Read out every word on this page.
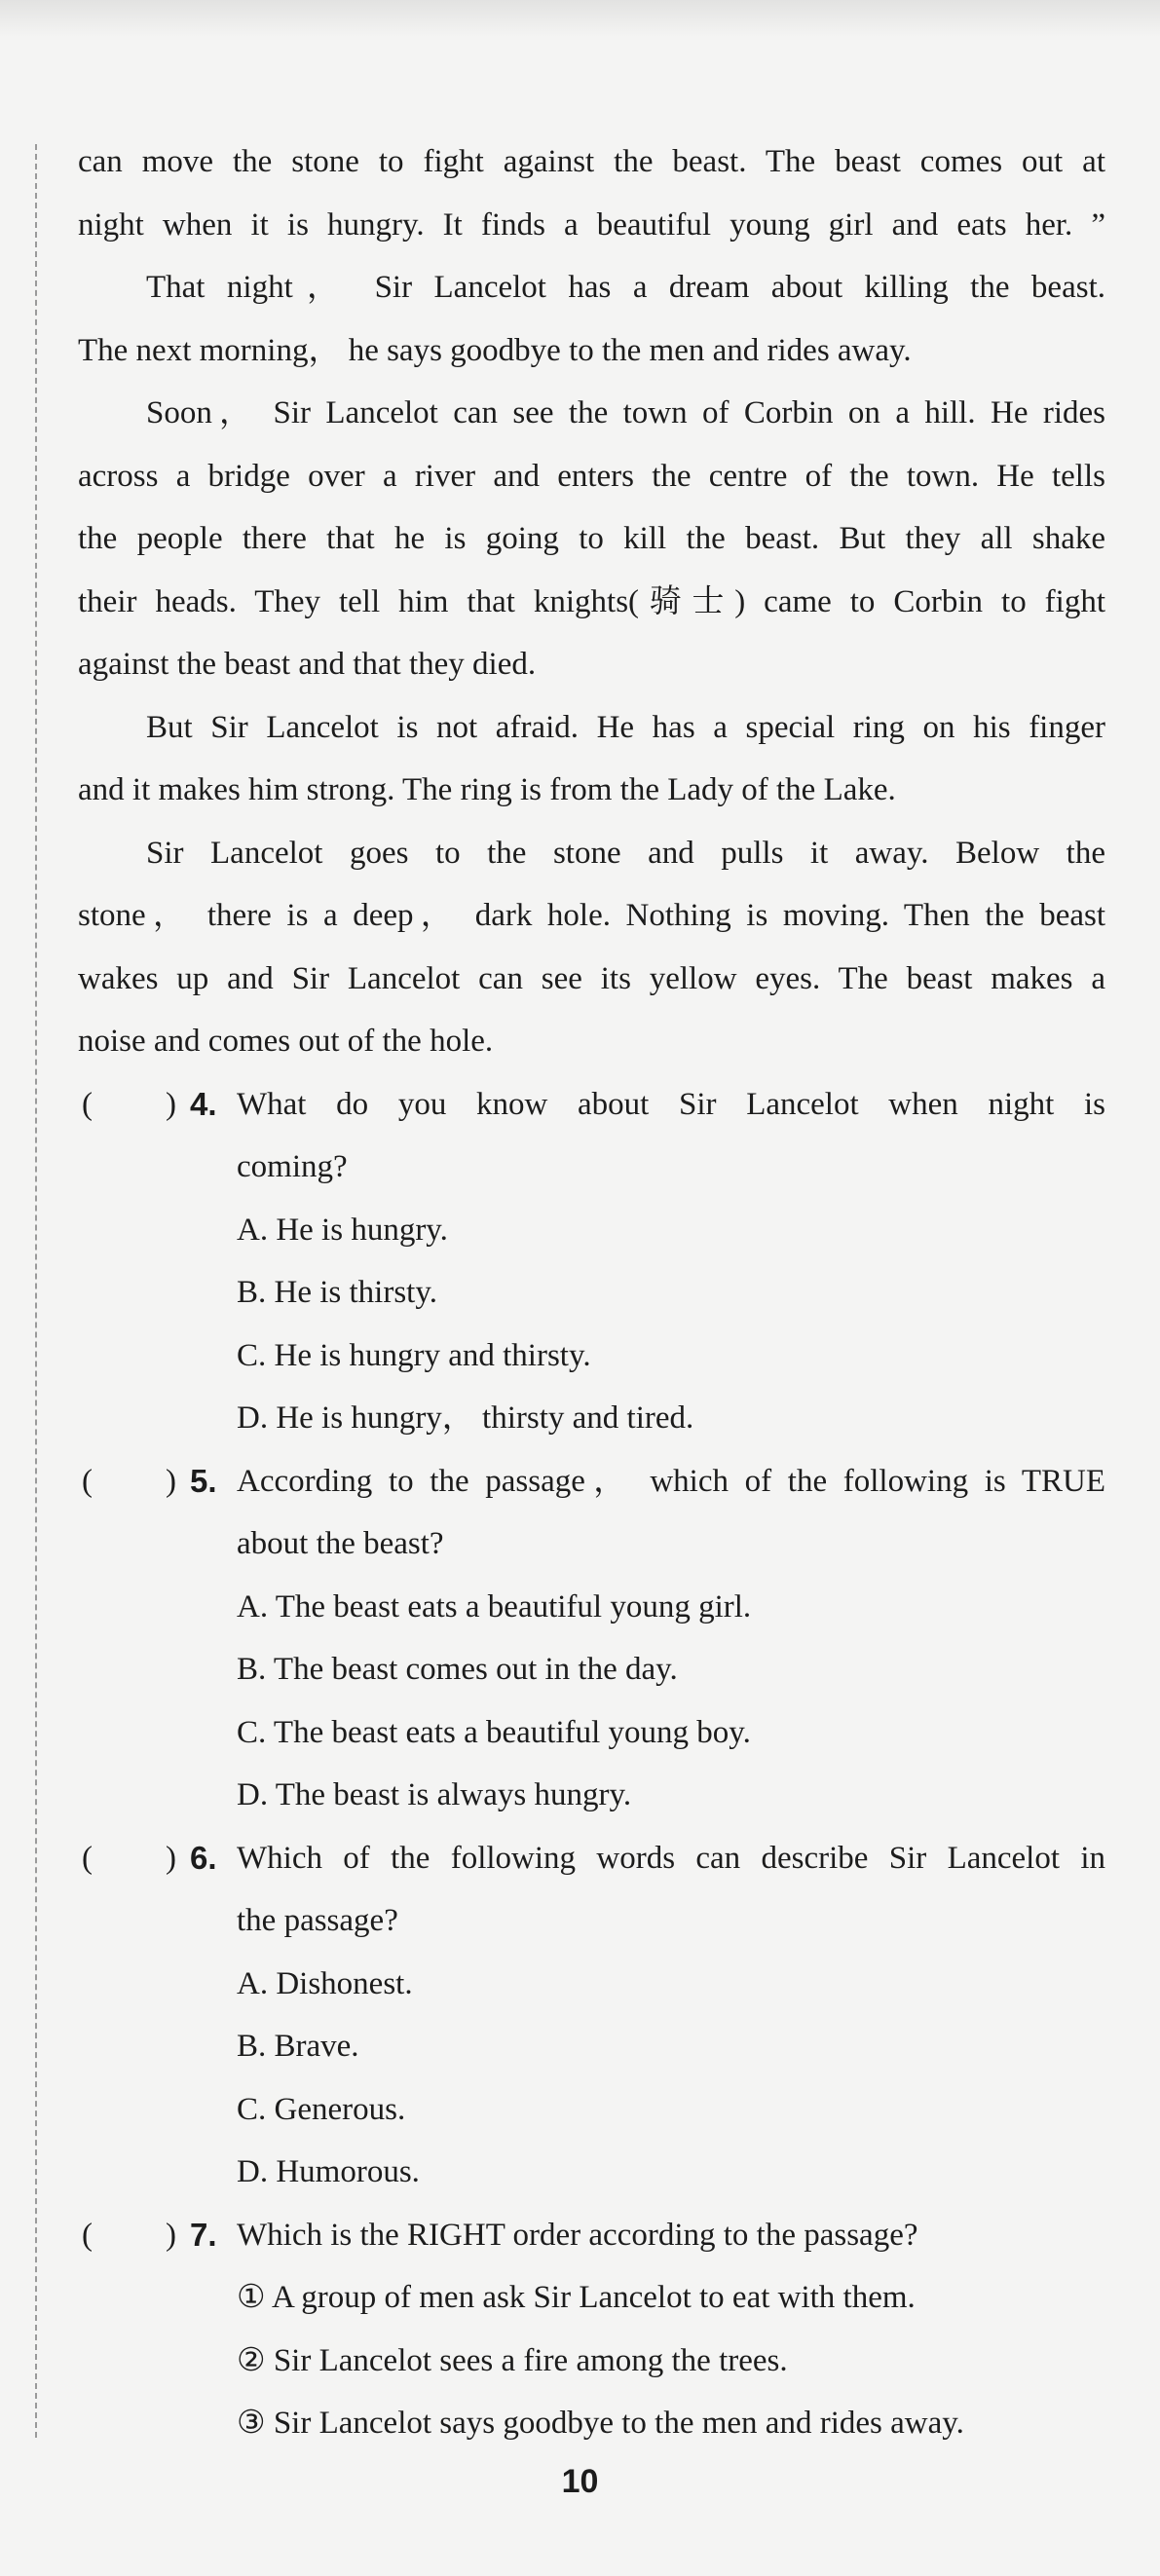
can move the stone to fight against the beast. The beast comes out at
night when it is hungry. It finds a beautiful young girl and eats her. ”
That night， Sir Lancelot has a dream about killing the beast.
The next morning， he says goodbye to the men and rides away.
Soon， Sir Lancelot can see the town of Corbin on a hill. He rides
across a bridge over a river and enters the centre of the town. He tells
the people there that he is going to kill the beast. But they all shake
their heads. They tell him that knights(骑士) came to Corbin to fight
against the beast and that they died.
But Sir Lancelot is not afraid. He has a special ring on his finger
and it makes him strong. The ring is from the Lady of the Lake.
Sir Lancelot goes to the stone and pulls it away. Below the
stone， there is a deep， dark hole. Nothing is moving. Then the beast
wakes up and Sir Lancelot can see its yellow eyes. The beast makes a
noise and comes out of the hole.
( ) 4. What do you know about Sir Lancelot when night is
coming?
A. He is hungry.
B. He is thirsty.
C. He is hungry and thirsty.
D. He is hungry， thirsty and tired.
( ) 5. According to the passage， which of the following is TRUE
about the beast?
A. The beast eats a beautiful young girl.
B. The beast comes out in the day.
C. The beast eats a beautiful young boy.
D. The beast is always hungry.
( ) 6. Which of the following words can describe Sir Lancelot in
the passage?
A. Dishonest.
B. Brave.
C. Generous.
D. Humorous.
( ) 7. Which is the RIGHT order according to the passage?
① A group of men ask Sir Lancelot to eat with them.
② Sir Lancelot sees a fire among the trees.
③ Sir Lancelot says goodbye to the men and rides away.
10
